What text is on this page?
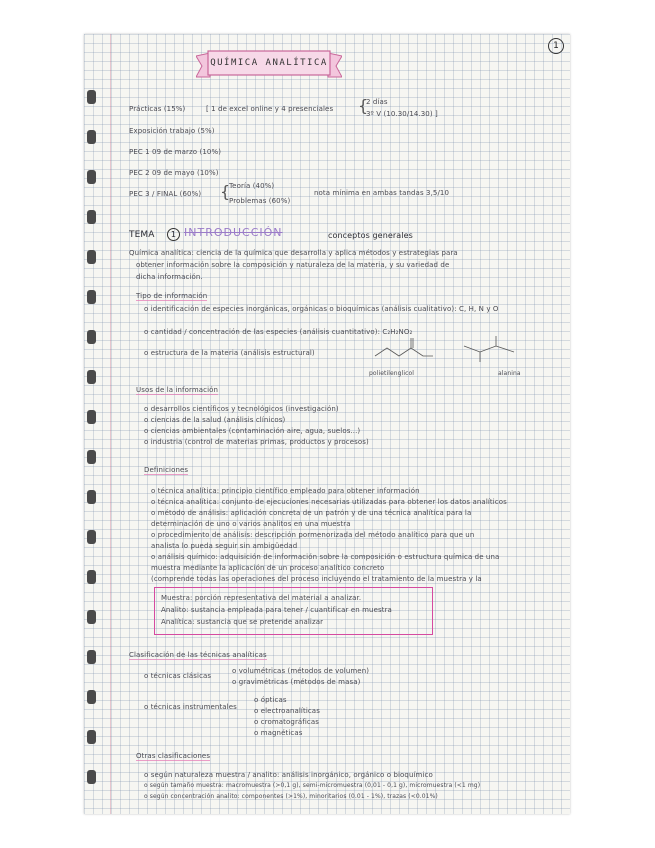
1
QUÍMICA ANALÍTICA
Prácticas (15%)	[ 1 de excel online y 4 presenciales {
2 días
3º V (10.30/14.30) ]
Exposición trabajo (5%)
PEC 1 09 de marzo (10%)
PEC 2 09 de mayo (10%)
PEC 3 / FINAL (60%) {
Teoría (40%)
Problemas (60%)
nota mínima en ambas tandas 3,5/10
TEMA	1 INTRODUCCIÓN	conceptos generales
Química analítica: ciencia de la química que desarrolla y aplica métodos y estrategias para
obtener información sobre la composición y naturaleza de la materia, y su variedad de
dicha información.
Tipo de información
o identificación de especies inorgánicas, orgánicas o bioquímicas (análisis cualitativo): C, H, N y O
o cantidad / concentración de las especies (análisis cuantitativo): C₂H₂NO₂
o estructura de la materia (análisis estructural)
polietilenglicol	alanina
Usos de la información
o desarrollos científicos y tecnológicos (investigación)
o ciencias de la salud (análisis clínicos)
o ciencias ambientales (contaminación aire, agua, suelos...)
o industria (control de materias primas, productos y procesos)
Definiciones
o técnica analítica: principio científico empleado para obtener información
o técnica analítica: conjunto de ejecuciones necesarias utilizadas para obtener los datos analíticos
o método de análisis: aplicación concreta de un patrón y de una técnica analítica para la
determinación de uno o varios analitos en una muestra
o procedimiento de análisis: descripción pormenorizada del método analítico para que un
analista lo pueda seguir sin ambigüedad
o análisis químico: adquisición de información sobre la composición o estructura química de una
muestra mediante la aplicación de un proceso analítico concreto
(comprende todas las operaciones del proceso incluyendo el tratamiento de la muestra y la
Muestra: porción representativa del material a analizar.
Analito: sustancia empleada para tener / cuantificar en muestra
Analítica: sustancia que se pretende analizar
Clasificación de las técnicas analíticas
o técnicas clásicas
o volumétricas (métodos de volumen)
o gravimétricas (métodos de masa)
o técnicas instrumentales
o ópticas
o electroanalíticas
o cromatográficas
o magnéticas
Otras clasificaciones
o según naturaleza muestra / analito: análisis inorgánico, orgánico o bioquímico
o según tamaño muestra: macromuestra (>0,1 g), semi-micromuestra (0,01 - 0,1 g), micromuestra (<1 mg)
o según concentración analito: componentes (>1%), minoritarios (0.01 - 1%), trazas (<0.01%)
